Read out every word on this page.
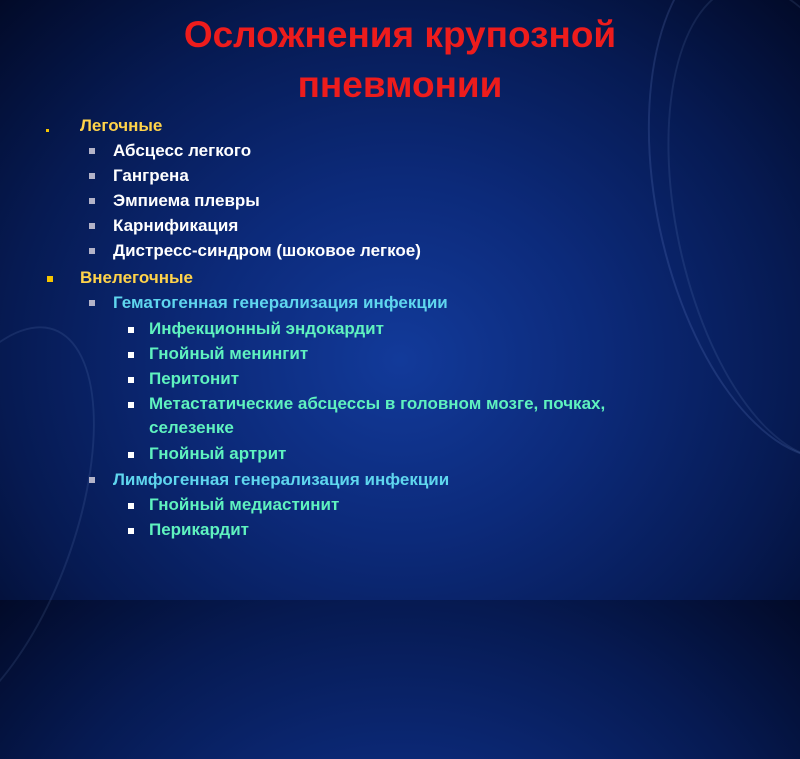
Осложнения крупозной
пневмонии
Легочные
Абсцесс легкого
Гангрена
Эмпиема плевры
Карнификация
Дистресс-синдром (шоковое легкое)
Внелегочные
Гематогенная генерализация инфекции
Инфекционный эндокардит
Гнойный менингит
Перитонит
Метастатические абсцессы в головном мозге, почках,
селезенке
Гнойный артрит
Лимфогенная генерализация инфекции
Гнойный медиастинит
Перикардит
